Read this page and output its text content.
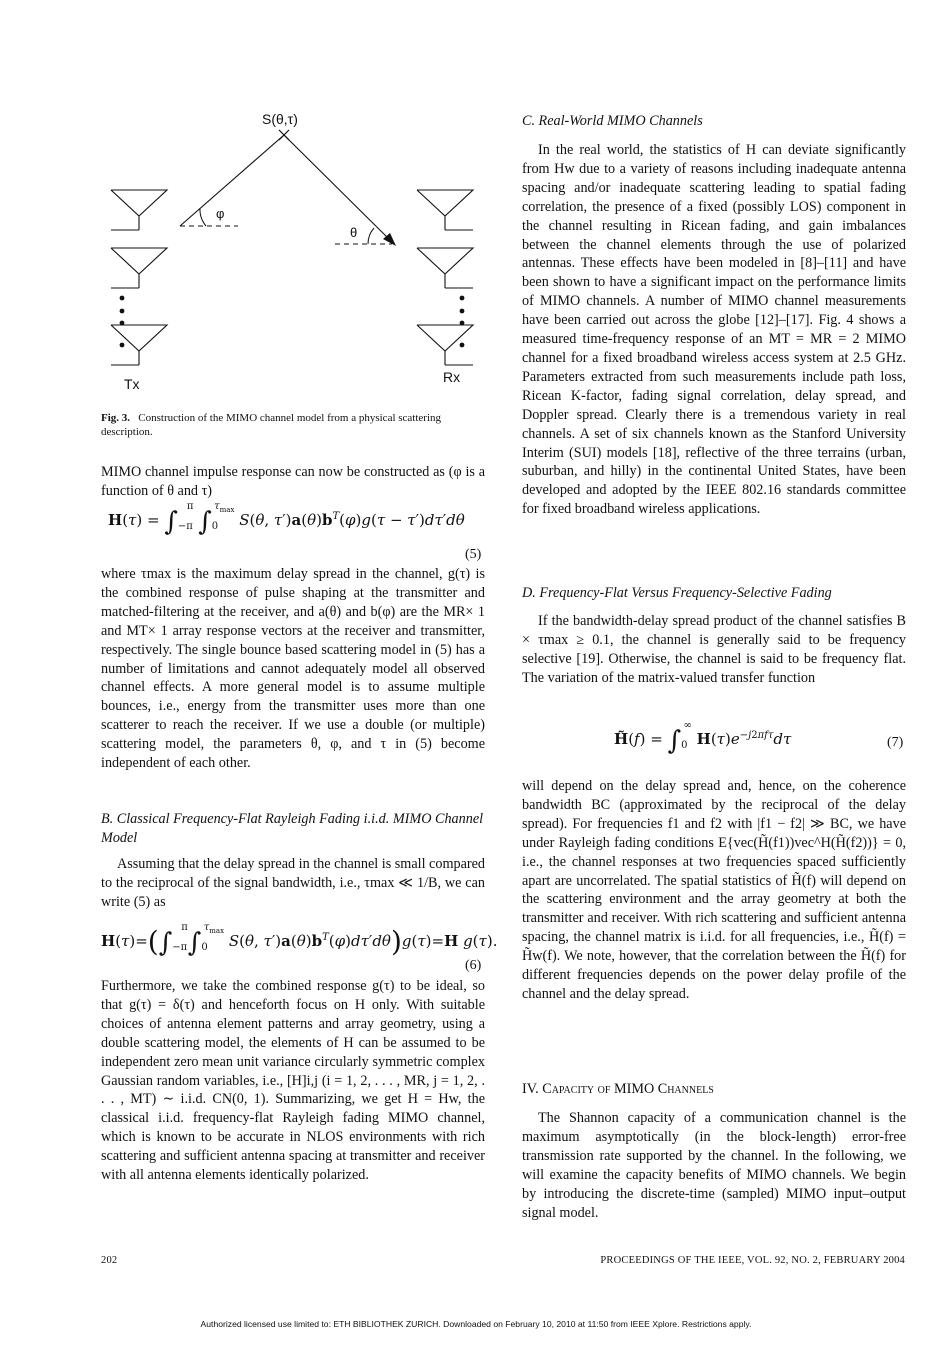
S(θ,τ)
φ
θ
Tx	Rx
Fig. 3. Construction of the MIMO channel model from a physical scattering description.

MIMO channel impulse response can now be constructed as (φ is a function of θ and τ)

$H(\tau) = \int_{-\pi}^\pi$ $\int_0^{\tau_{max}}$ S(θ, $\tau')a(\theta)b^T(\varphi)g(\tau - \tau')d\tau'd\theta$
(5)

where τmax is the maximum delay spread in the channel, g(τ) is the combined response of pulse shaping at the transmitter and matched-filtering at the receiver, and a(θ) and b(φ) are the MR× 1 and MT× 1 array response vectors at the receiver and transmitter, respectively. The single bounce based scattering model in (5) has a number of limitations and cannot adequately model all observed channel effects. A more general model is to assume multiple bounces, i.e., energy from the transmitter uses more than one scatterer to reach the receiver. If we use a double (or multiple) scattering model, the parameters θ, φ, and τ in (5) become independent of each other.

B. Classical Frequency-Flat Rayleigh Fading i.i.d. MIMO Channel Model

Assuming that the delay spread in the channel is small compared to the reciprocal of the signal bandwidth, i.e., τmax ≪ 1/B, we can write (5) as

$H(\tau)=(\int_{-\pi}^\pi\int_0^{\tau_{max}}$ S(θ, $\tau')a(\theta)b^T(\varphi)d\tau'd\theta)g(\tau)=H$ g(τ).
(6)

Furthermore, we take the combined response g(τ) to be ideal, so that g(τ) = δ(τ) and henceforth focus on H only. With suitable choices of antenna element patterns and array geometry, using a double scattering model, the elements of H can be assumed to be independent zero mean unit variance circularly symmetric complex Gaussian random variables, i.e., [H]i,j (i = 1, 2, . . . , MR, j = 1, 2, . . . , MT) ∼ i.i.d. CN(0, 1). Summarizing, we get H = Hw, the classical i.i.d. frequency-flat Rayleigh fading MIMO channel, which is known to be accurate in NLOS environments with rich scattering and sufficient antenna spacing at transmitter and receiver with all antenna elements identically polarized.

C. Real-World MIMO Channels

In the real world, the statistics of H can deviate significantly from Hw due to a variety of reasons including inadequate antenna spacing and/or inadequate scattering leading to spatial fading correlation, the presence of a fixed (possibly LOS) component in the channel resulting in Ricean fading, and gain imbalances between the channel elements through the use of polarized antennas. These effects have been modeled in [8]–[11] and have been shown to have a significant impact on the performance limits of MIMO channels. A number of MIMO channel measurements have been carried out across the globe [12]–[17]. Fig. 4 shows a measured time-frequency response of an MT = MR = 2 MIMO channel for a fixed broadband wireless access system at 2.5 GHz. Parameters extracted from such measurements include path loss, Ricean K-factor, fading signal correlation, delay spread, and Doppler spread. Clearly there is a tremendous variety in real channels. A set of six channels known as the Stanford University Interim (SUI) models [18], reflective of the three terrains (urban, suburban, and hilly) in the continental United States, have been developed and adopted by the IEEE 802.16 standards committee for fixed broadband wireless applications.

D. Frequency-Flat Versus Frequency-Selective Fading

If the bandwidth-delay spread product of the channel satisfies B × τmax ≥ 0.1, the channel is generally said to be frequency selective [19]. Otherwise, the channel is said to be frequency flat. The variation of the matrix-valued transfer function

H̃(f) = $\int_0^\infty$ $H(\tau)e^{-j2\pi f\tau}d\tau$	(7)

will depend on the delay spread and, hence, on the coherence bandwidth BC (approximated by the reciprocal of the delay spread). For frequencies f1 and f2 with |f1 − f2| ≫ BC, we have under Rayleigh fading conditions E{vec(H̃(f1))vec^H(H̃(f2))} = 0, i.e., the channel responses at two frequencies spaced sufficiently apart are uncorrelated. The spatial statistics of H̃(f) will depend on the scattering environment and the array geometry at both the transmitter and receiver. With rich scattering and sufficient antenna spacing, the channel matrix is i.i.d. for all frequencies, i.e., H̃(f) = H̃w(f). We note, however, that the correlation between the H̃(f) for different frequencies depends on the power delay profile of the channel and the delay spread.

IV. Capacity of MIMO Channels

The Shannon capacity of a communication channel is the maximum asymptotically (in the block-length) error-free transmission rate supported by the channel. In the following, we will examine the capacity benefits of MIMO channels. We begin by introducing the discrete-time (sampled) MIMO input–output signal model.

202	PROCEEDINGS OF THE IEEE, VOL. 92, NO. 2, FEBRUARY 2004
Authorized licensed use limited to: ETH BIBLIOTHEK ZURICH. Downloaded on February 10, 2010 at 11:50 from IEEE Xplore. Restrictions apply.
